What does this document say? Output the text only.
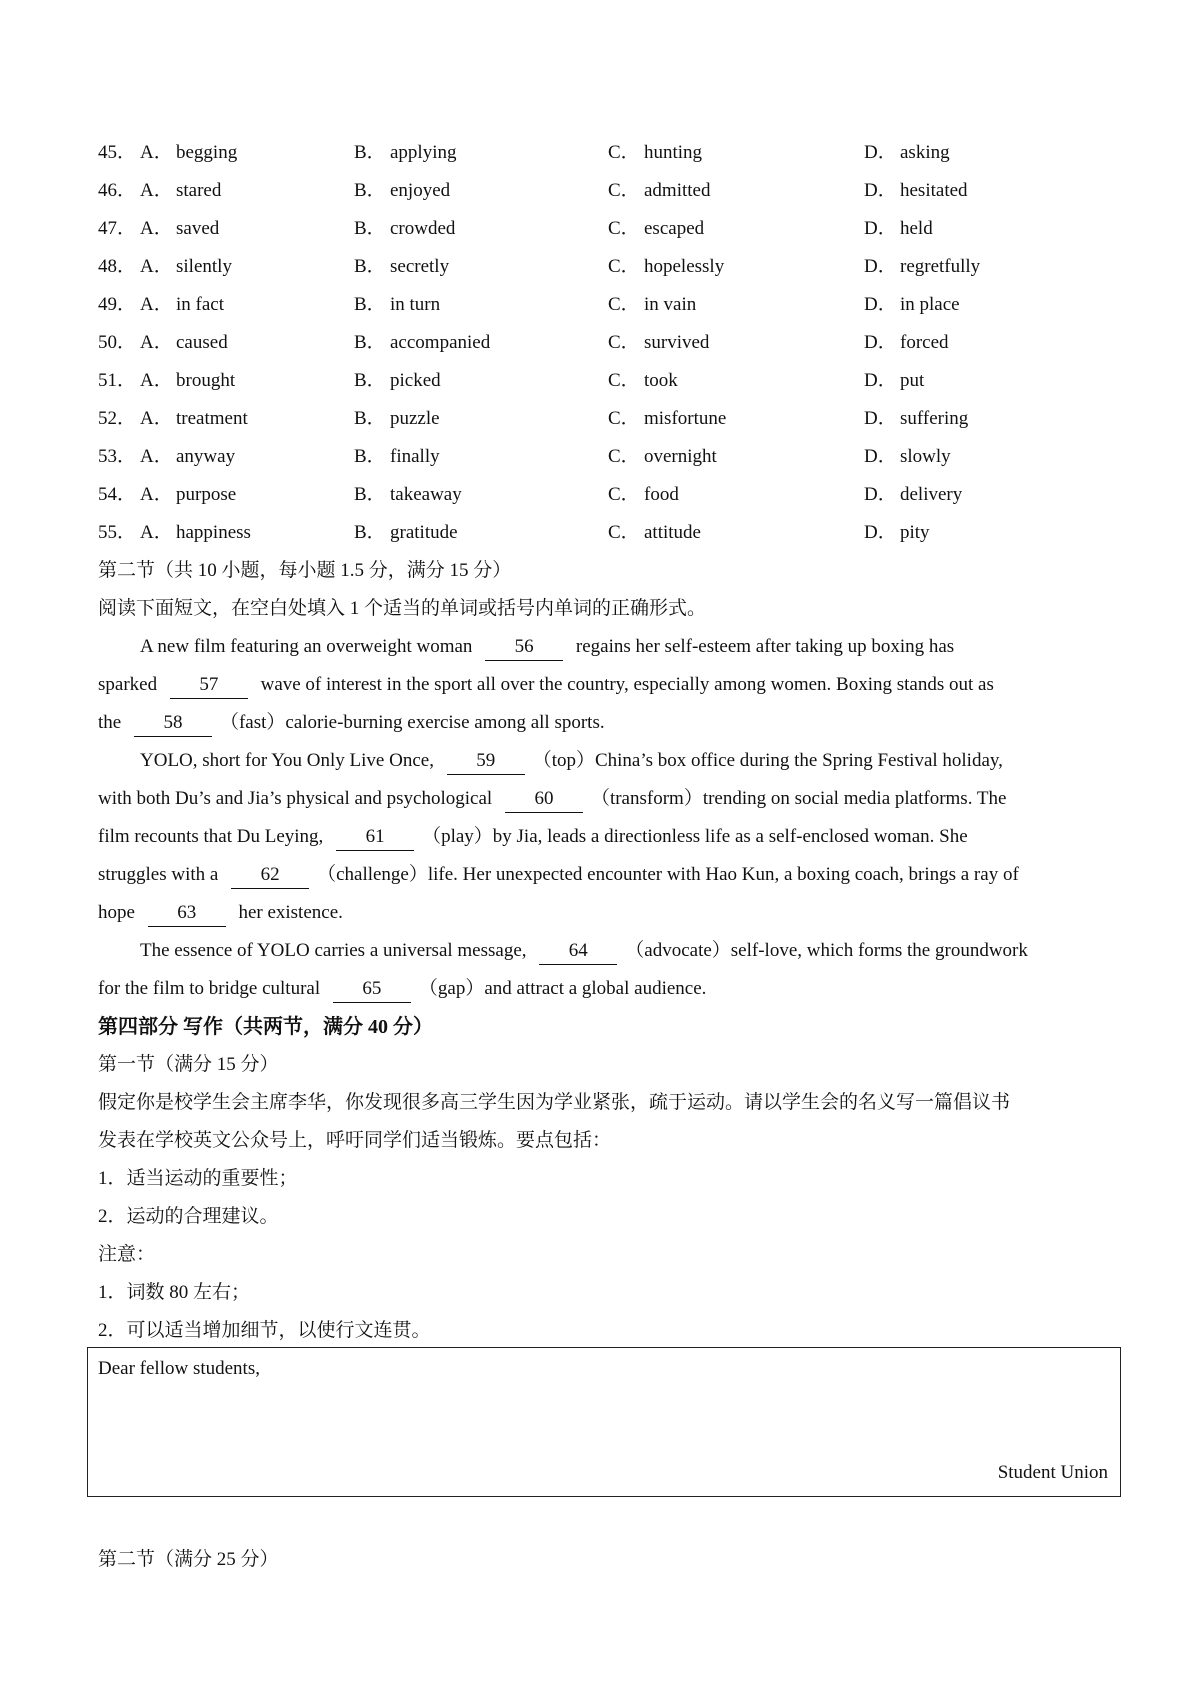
45． A． begging	B． applying	C． hunting	D． asking
46． A． stared	B． enjoyed	C． admitted	D． hesitated
47． A． saved	B． crowded	C． escaped	D． held
48． A． silently	B． secretly	C． hopelessly	D． regretfully
49． A． in fact	B． in turn	C． in vain	D． in place
50． A． caused	B． accompanied	C． survived	D． forced
51． A． brought	B． picked	C． took	D． put
52． A． treatment	B． puzzle	C． misfortune	D． suffering
53． A． anyway	B． finally	C． overnight	D． slowly
54． A． purpose	B． takeaway	C． food	D． delivery
55． A． happiness	B． gratitude	C． attitude	D． pity
第二节（共 10 小题，每小题 1.5 分，满分 15 分）
阅读下面短文，在空白处填入 1 个适当的单词或括号内单词的正确形式。
A new film featuring an overweight woman 56 regains her self-esteem after taking up boxing has
sparked 57 wave of interest in the sport all over the country, especially among women. Boxing stands out as
the 58 （fast）calorie-burning exercise among all sports.
YOLO, short for You Only Live Once, 59 （top）China’s box office during the Spring Festival holiday,
with both Du’s and Jia’s physical and psychological 60 （transform）trending on social media platforms. The
film recounts that Du Leying, 61 （play）by Jia, leads a directionless life as a self-enclosed woman. She
struggles with a 62 （challenge）life. Her unexpected encounter with Hao Kun, a boxing coach, brings a ray of
hope 63 her existence.
The essence of YOLO carries a universal message, 64 （advocate）self-love, which forms the groundwork
for the film to bridge cultural 65 （gap）and attract a global audience.
第四部分 写作（共两节，满分 40 分）
第一节（满分 15 分）
假定你是校学生会主席李华，你发现很多高三学生因为学业紧张，疏于运动。请以学生会的名义写一篇倡议书
发表在学校英文公众号上，呼吁同学们适当锻炼。要点包括：
1．适当运动的重要性；
2．运动的合理建议。
注意：
1．词数 80 左右；
2．可以适当增加细节，以使行文连贯。
Dear fellow students,
Student Union
第二节（满分 25 分）
